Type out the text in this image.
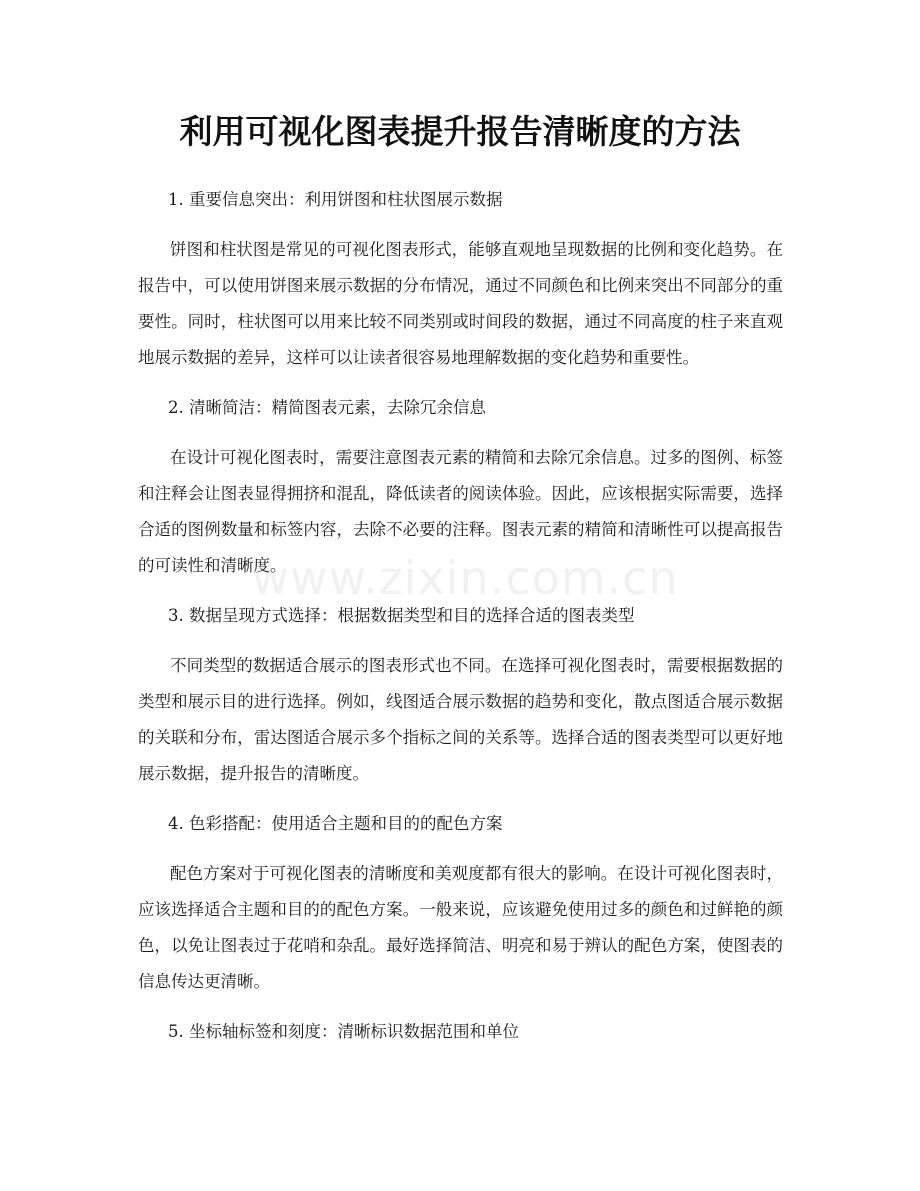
利用可视化图表提升报告清晰度的方法

1. 重要信息突出：利用饼图和柱状图展示数据

饼图和柱状图是常见的可视化图表形式，能够直观地呈现数据的比例和变化趋势。在报告中，可以使用饼图来展示数据的分布情况，通过不同颜色和比例来突出不同部分的重要性。同时，柱状图可以用来比较不同类别或时间段的数据，通过不同高度的柱子来直观地展示数据的差异，这样可以让读者很容易地理解数据的变化趋势和重要性。

2. 清晰简洁：精简图表元素，去除冗余信息

在设计可视化图表时，需要注意图表元素的精简和去除冗余信息。过多的图例、标签和注释会让图表显得拥挤和混乱，降低读者的阅读体验。因此，应该根据实际需要，选择合适的图例数量和标签内容，去除不必要的注释。图表元素的精简和清晰性可以提高报告的可读性和清晰度。

3. 数据呈现方式选择：根据数据类型和目的选择合适的图表类型

不同类型的数据适合展示的图表形式也不同。在选择可视化图表时，需要根据数据的类型和展示目的进行选择。例如，线图适合展示数据的趋势和变化，散点图适合展示数据的关联和分布，雷达图适合展示多个指标之间的关系等。选择合适的图表类型可以更好地展示数据，提升报告的清晰度。

4. 色彩搭配：使用适合主题和目的的配色方案

配色方案对于可视化图表的清晰度和美观度都有很大的影响。在设计可视化图表时，应该选择适合主题和目的的配色方案。一般来说，应该避免使用过多的颜色和过鲜艳的颜色，以免让图表过于花哨和杂乱。最好选择简洁、明亮和易于辨认的配色方案，使图表的信息传达更清晰。

5. 坐标轴标签和刻度：清晰标识数据范围和单位

www.zixin.com.cn
